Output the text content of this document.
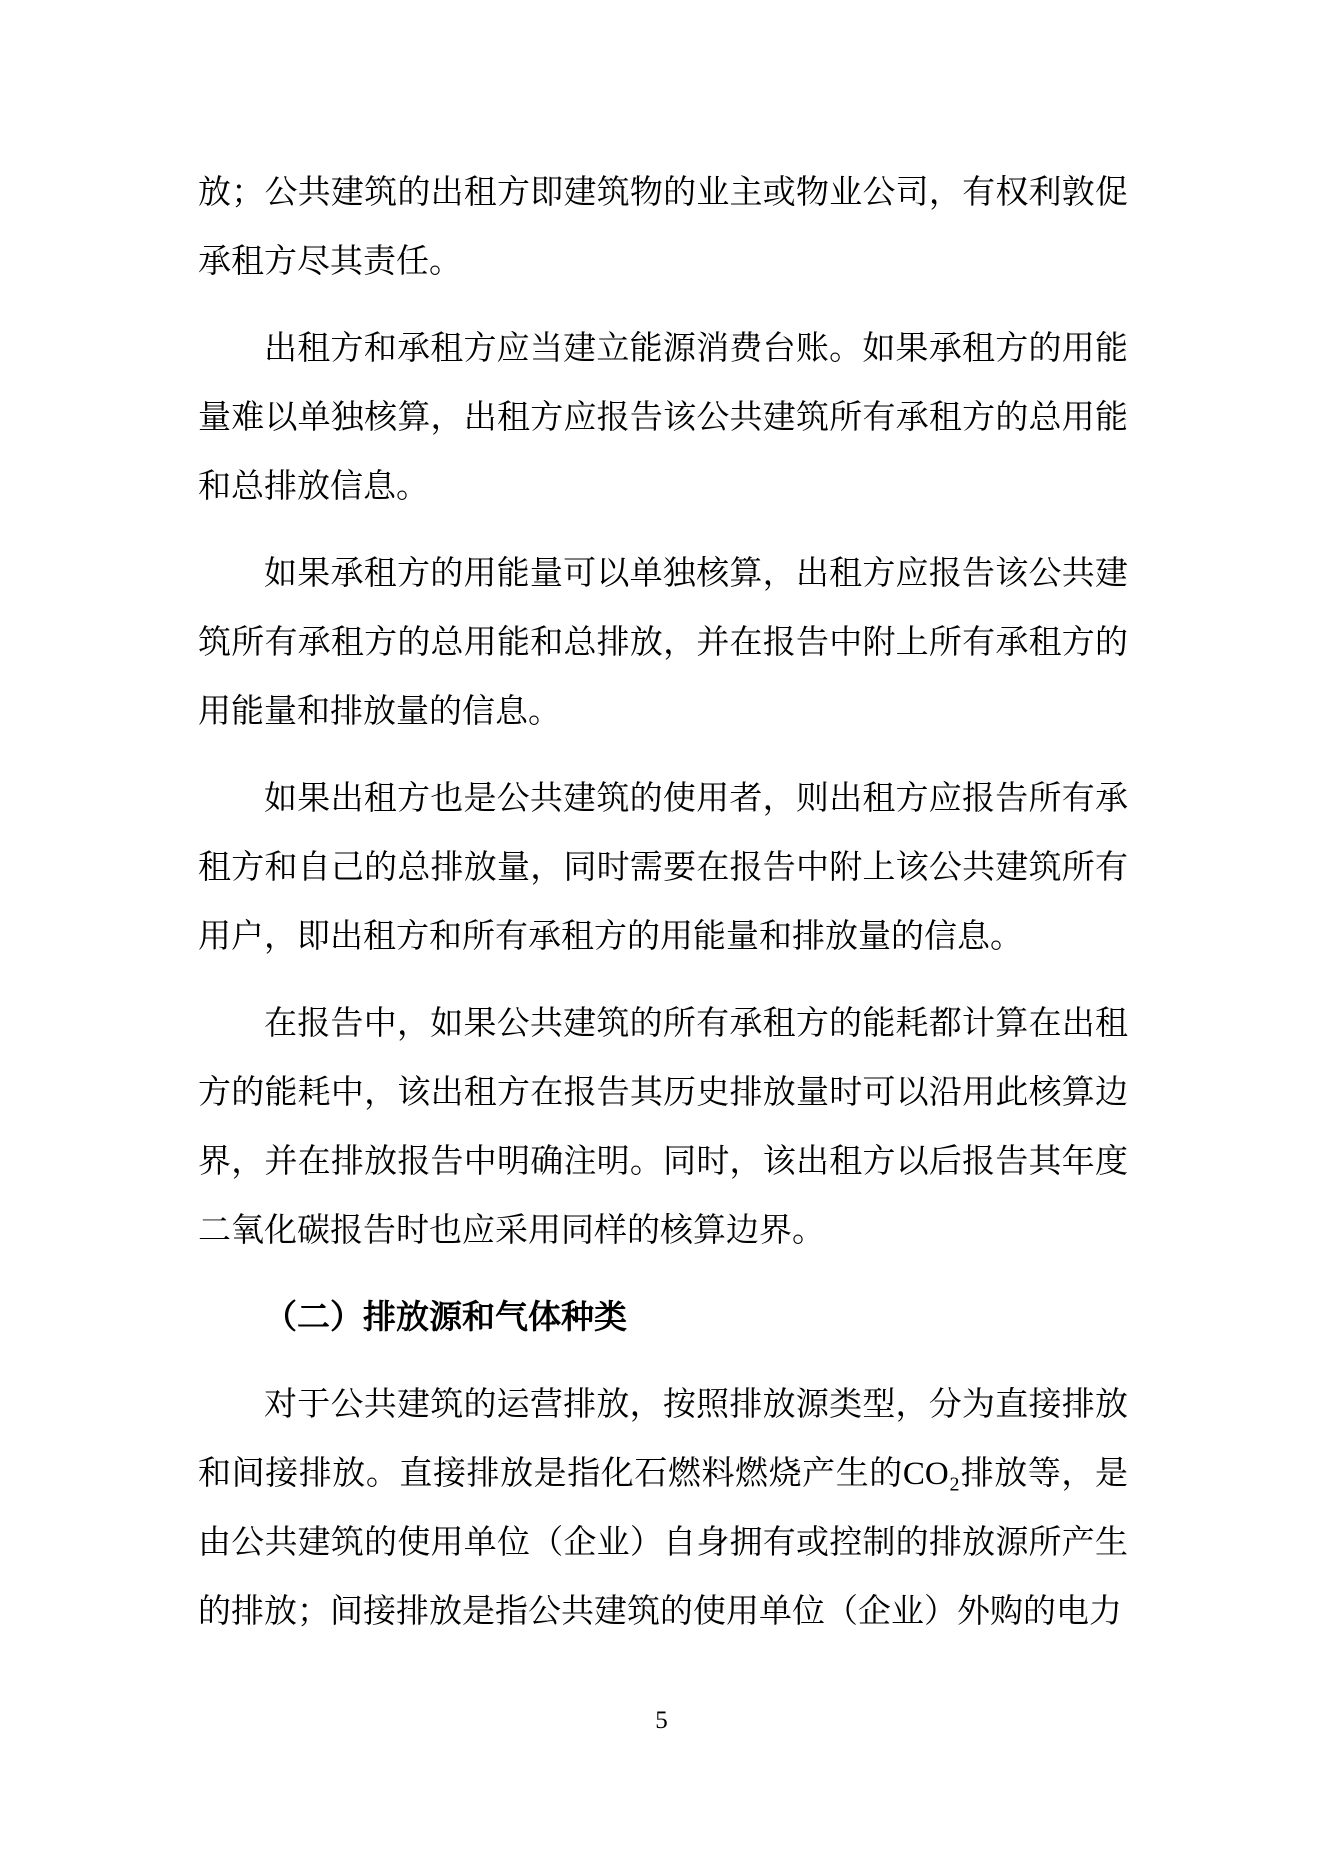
放；公共建筑的出租方即建筑物的业主或物业公司，有权利敦促
承租方尽其责任。
出租方和承租方应当建立能源消费台账。如果承租方的用能
量难以单独核算，出租方应报告该公共建筑所有承租方的总用能
和总排放信息。
如果承租方的用能量可以单独核算，出租方应报告该公共建
筑所有承租方的总用能和总排放，并在报告中附上所有承租方的
用能量和排放量的信息。
如果出租方也是公共建筑的使用者，则出租方应报告所有承
租方和自己的总排放量，同时需要在报告中附上该公共建筑所有
用户，即出租方和所有承租方的用能量和排放量的信息。
在报告中，如果公共建筑的所有承租方的能耗都计算在出租
方的能耗中，该出租方在报告其历史排放量时可以沿用此核算边
界，并在排放报告中明确注明。同时，该出租方以后报告其年度
二氧化碳报告时也应采用同样的核算边界。
（二）排放源和气体种类
对于公共建筑的运营排放，按照排放源类型，分为直接排放
和间接排放。直接排放是指化石燃料燃烧产生的CO₂排放等，是
由公共建筑的使用单位（企业）自身拥有或控制的排放源所产生
的排放；间接排放是指公共建筑的使用单位（企业）外购的电力
5
